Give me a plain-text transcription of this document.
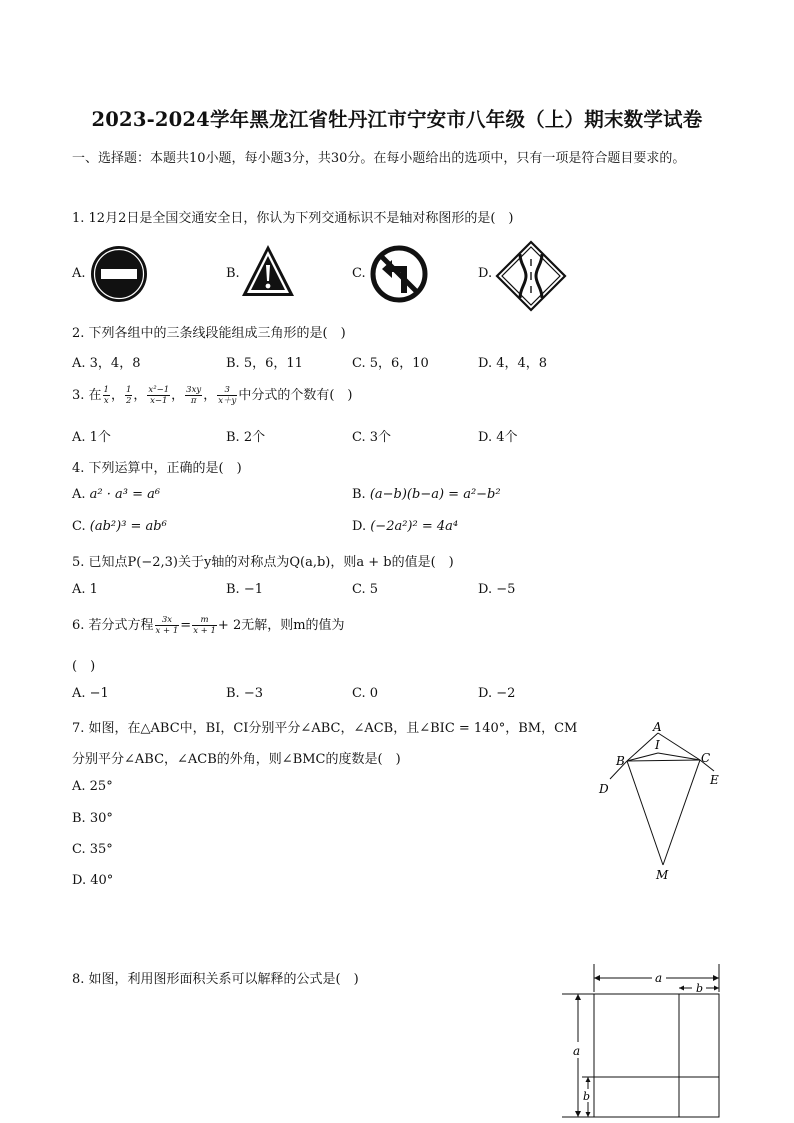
2023-2024学年黑龙江省牡丹江市宁安市八年级（上）期末数学试卷
一、选择题：本题共10小题，每小题3分，共30分。在每小题给出的选项中，只有一项是符合题目要求的。
1. 12月2日是全国交通安全日，你认为下列交通标识不是轴对称图形的是(　)
A.	B.	C.	D.
2. 下列各组中的三条线段能组成三角形的是(　)
A. 3，4，8	B. 5，6，11	C. 5，6，10	D. 4，4，8
3. 在 $\frac{1}{x}$ ， $\frac{1}{2}$ ， $\frac{\text{x²−1}}{x-1}$ ， $\frac{3xy}{\pi}$ ， $\frac{3}{x+y}$ 中分式的个数有(　)
A. 1个	B. 2个	C. 3个	D. 4个
4. 下列运算中，正确的是(　)
A. a² · a³ = a⁶	B. (a−b)(b−a) = a²−b²
C. (ab²)³ = ab⁶	D. (−2a²)² = 4a⁴
5. 已知点P(−2,3)关于y轴的对称点为Q(a,b)，则a + b的值是(　)
A. 1	B. −1	C. 5	D. −5
6. 若分式方程 $\frac{3x}{x + 1} = \frac{m}{x + 1} + 2$无解，则m的值为
(　)
A. −1	B. −3	C. 0	D. −2
7. 如图，在△ABC中，BI，CI分别平分∠ABC，∠ACB，且∠BIC = 140°，BM，CM
分别平分∠ABC，∠ACB的外角，则∠BMC的度数是(　)
A. 25°
B. 30°
C. 35°
D. 40°
A
I
B	C
D
E
M
8. 如图，利用图形面积关系可以解释的公式是(　)	a
b
a
b
